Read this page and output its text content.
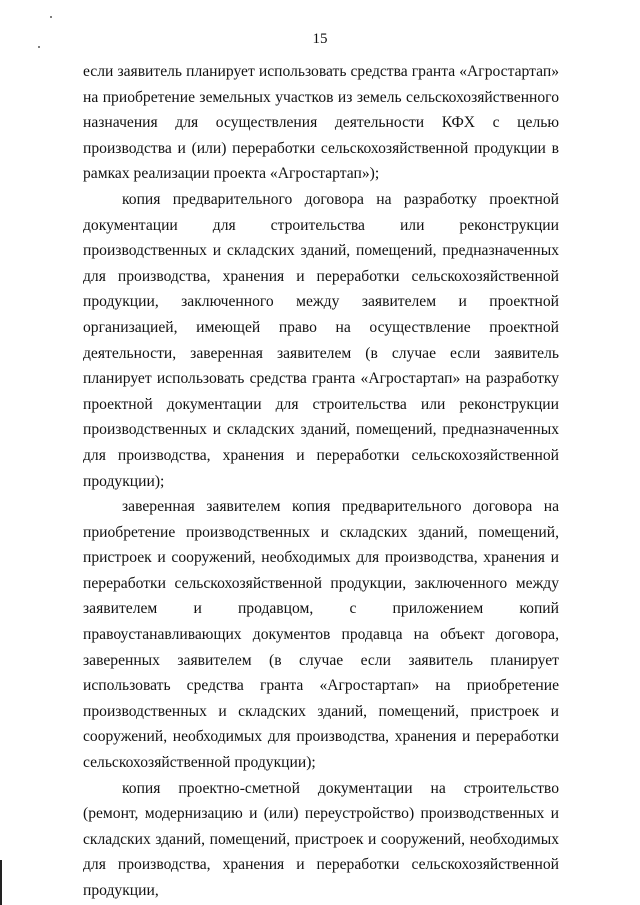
15

если заявитель планирует использовать средства гранта «Агростартап» на приобретение земельных участков из земель сельскохозяйственного назначения для осуществления деятельности КФХ с целью производства и (или) переработки сельскохозяйственной продукции в рамках реализации проекта «Агростартап»);

копия предварительного договора на разработку проектной документации для строительства или реконструкции производственных и складских зданий, помещений, предназначенных для производства, хранения и переработки сельскохозяйственной продукции, заключенного между заявителем и проектной организацией, имеющей право на осуществление проектной деятельности, заверенная заявителем (в случае если заявитель планирует использовать средства гранта «Агростартап» на разработку проектной документации для строительства или реконструкции производственных и складских зданий, помещений, предназначенных для производства, хранения и переработки сельскохозяйственной продукции);

заверенная заявителем копия предварительного договора на приобретение производственных и складских зданий, помещений, пристроек и сооружений, необходимых для производства, хранения и переработки сельскохозяйственной продукции, заключенного между заявителем и продавцом, с приложением копий правоустанавливающих документов продавца на объект договора, заверенных заявителем (в случае если заявитель планирует использовать средства гранта «Агростартап» на приобретение производственных и складских зданий, помещений, пристроек и сооружений, необходимых для производства, хранения и переработки сельскохозяйственной продукции);

копия проектно-сметной документации на строительство (ремонт, модернизацию и (или) переустройство) производственных и складских зданий, помещений, пристроек и сооружений, необходимых для производства, хранения и переработки сельскохозяйственной продукции,
